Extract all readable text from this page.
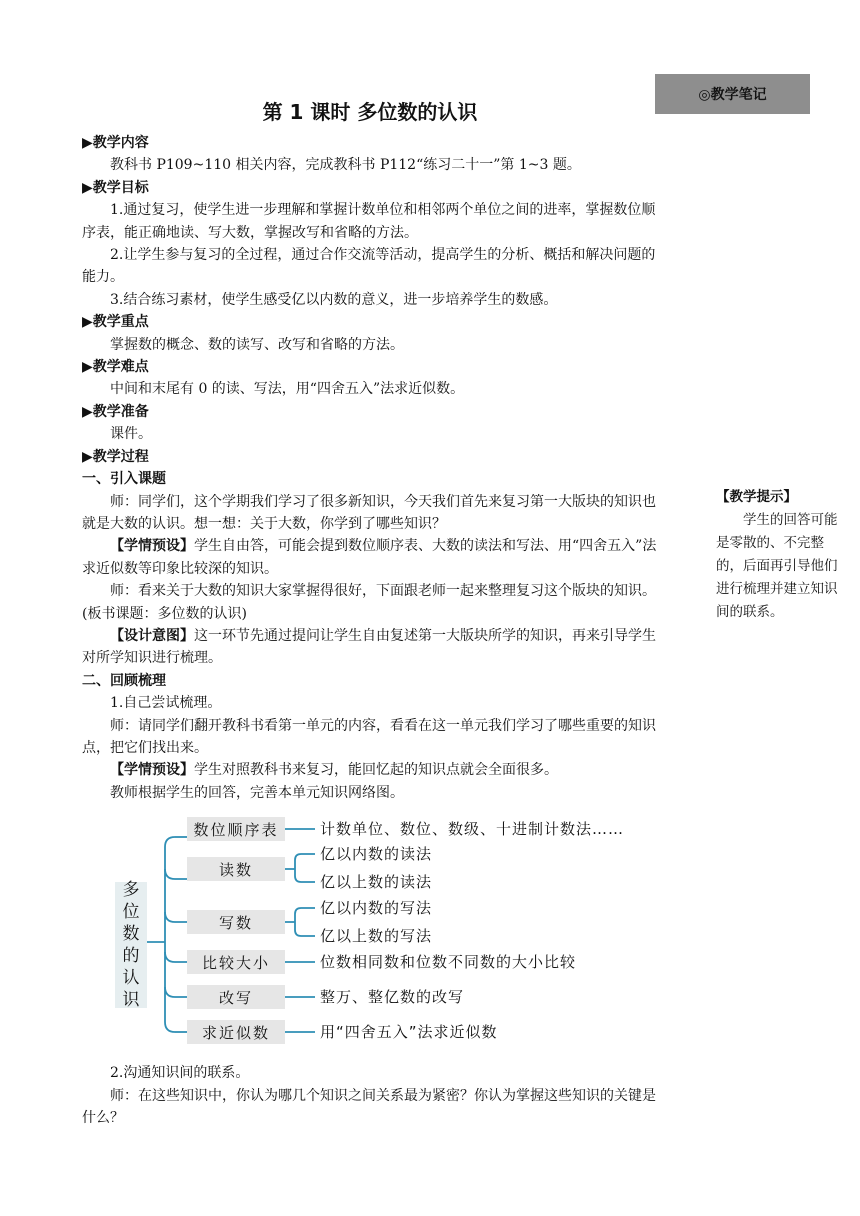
◎教学笔记
第 1 课时 多位数的认识

▶教学内容

教科书 P109~110 相关内容，完成教科书 P112“练习二十一”第 1~3 题。

▶教学目标

1.通过复习，使学生进一步理解和掌握计数单位和相邻两个单位之间的进率，掌握数位顺序表，能正确地读、写大数，掌握改写和省略的方法。

2.让学生参与复习的全过程，通过合作交流等活动，提高学生的分析、概括和解决问题的能力。

3.结合练习素材，使学生感受亿以内数的意义，进一步培养学生的数感。

▶教学重点

掌握数的概念、数的读写、改写和省略的方法。

▶教学难点

中间和末尾有 0 的读、写法，用“四舍五入”法求近似数。

▶教学准备

课件。

▶教学过程

一、引入课题

师：同学们，这个学期我们学习了很多新知识，今天我们首先来复习第一大版块的知识也就是大数的认识。想一想：关于大数，你学到了哪些知识？

【学情预设】学生自由答，可能会提到数位顺序表、大数的读法和写法、用“四舍五入”法求近似数等印象比较深的知识。

师：看来关于大数的知识大家掌握得很好，下面跟老师一起来整理复习这个版块的知识。(板书课题：多位数的认识)

【设计意图】这一环节先通过提问让学生自由复述第一大版块所学的知识，再来引导学生对所学知识进行梳理。

二、回顾梳理

1.自己尝试梳理。

师：请同学们翻开教科书看第一单元的内容，看看在这一单元我们学习了哪些重要的知识点，把它们找出来。

【学情预设】学生对照教科书来复习，能回忆起的知识点就会全面很多。

教师根据学生的回答，完善本单元知识网络图。

2.沟通知识间的联系。

师：在这些知识中，你认为哪几个知识之间关系最为紧密？你认为掌握这些知识的关键是什么？

【教学提示】

学生的回答可能是零散的、不完整的，后面再引导他们进行梳理并建立知识间的联系。

多
位
数
的
认
识
数位顺序表
读数
写数
比较大小
改写
求近似数
计数单位、数位、数级、十进制计数法……
亿以内数的读法
亿以上数的读法
亿以内数的写法
亿以上数的写法
位数相同数和位数不同数的大小比较
整万、整亿数的改写
用“四舍五入”法求近似数
